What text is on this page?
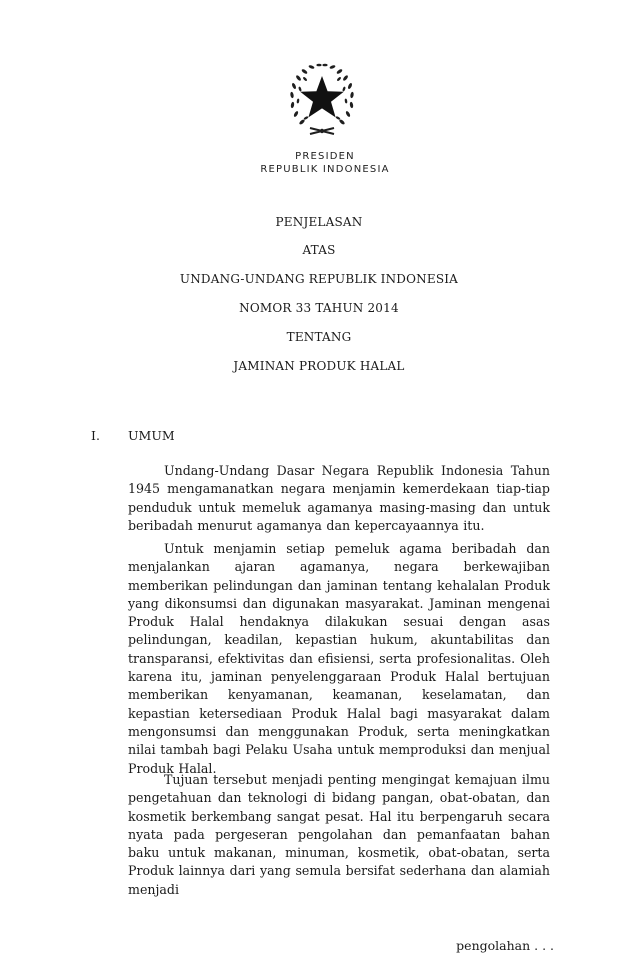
PRESIDEN
REPUBLIK INDONESIA
PENJELASAN
ATAS
UNDANG-UNDANG REPUBLIK INDONESIA
NOMOR 33 TAHUN 2014
TENTANG
JAMINAN PRODUK HALAL
I. UMUM

Undang-Undang Dasar Negara Republik Indonesia Tahun 1945 mengamanatkan negara menjamin kemerdekaan tiap-tiap penduduk untuk memeluk agamanya masing-masing dan untuk beribadah menurut agamanya dan kepercayaannya itu.

Untuk menjamin setiap pemeluk agama beribadah dan menjalankan ajaran agamanya, negara berkewajiban memberikan pelindungan dan jaminan tentang kehalalan Produk yang dikonsumsi dan digunakan masyarakat. Jaminan mengenai Produk Halal hendaknya dilakukan sesuai dengan asas pelindungan, keadilan, kepastian hukum, akuntabilitas dan transparansi, efektivitas dan efisiensi, serta profesionalitas. Oleh karena itu, jaminan penyelenggaraan Produk Halal bertujuan memberikan kenyamanan, keamanan, keselamatan, dan kepastian ketersediaan Produk Halal bagi masyarakat dalam mengonsumsi dan menggunakan Produk, serta meningkatkan nilai tambah bagi Pelaku Usaha untuk memproduksi dan menjual Produk Halal.

Tujuan tersebut menjadi penting mengingat kemajuan ilmu pengetahuan dan teknologi di bidang pangan, obat-obatan, dan kosmetik berkembang sangat pesat. Hal itu berpengaruh secara nyata pada pergeseran pengolahan dan pemanfaatan bahan baku untuk makanan, minuman, kosmetik, obat-obatan, serta Produk lainnya dari yang semula bersifat sederhana dan alamiah menjadi

pengolahan . . .
